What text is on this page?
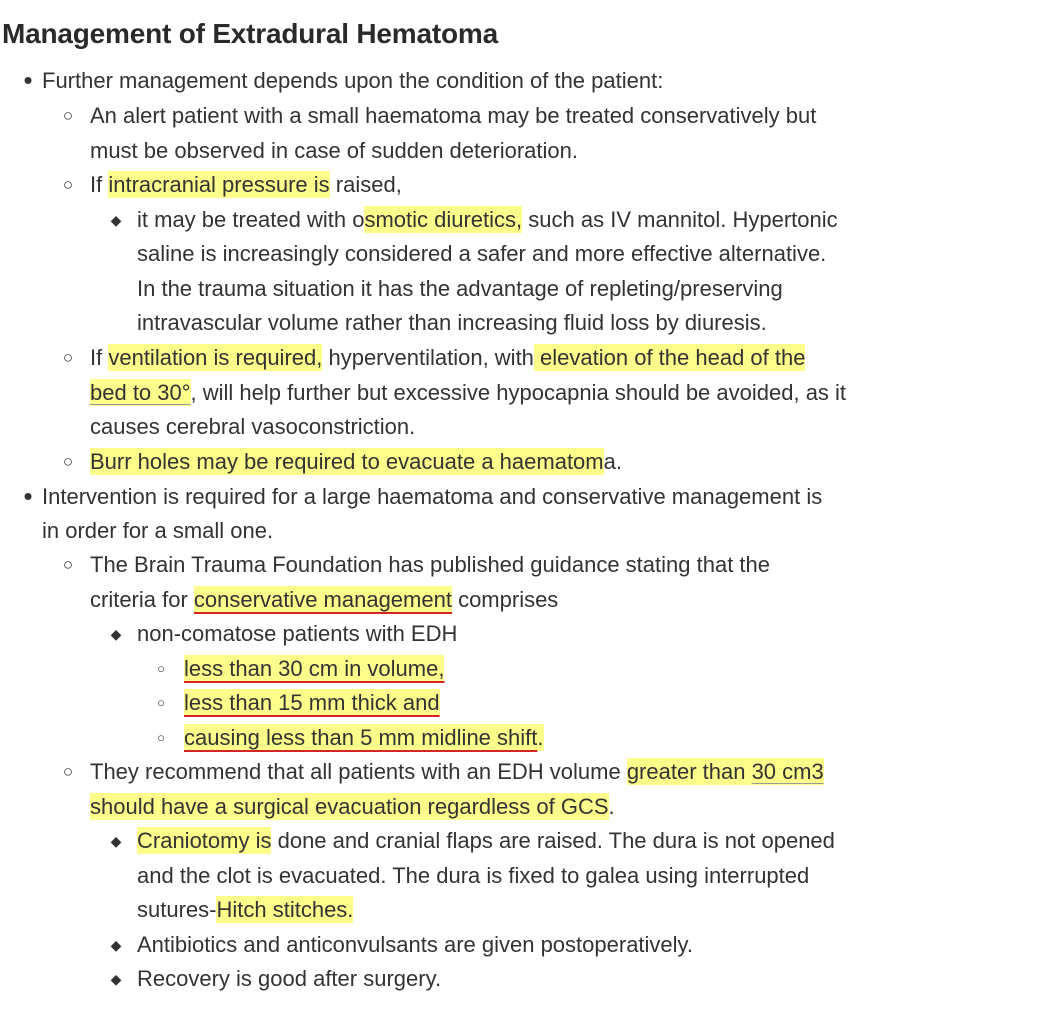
Management of Extradural Hematoma
• Further management depends upon the condition of the patient:
○ An alert patient with a small haematoma may be treated conservatively but
must be observed in case of sudden deterioration.
○ If intracranial pressure is raised,
◆ it may be treated with osmotic diuretics, such as IV mannitol. Hypertonic
saline is increasingly considered a safer and more effective alternative.
In the trauma situation it has the advantage of repleting/preserving
intravascular volume rather than increasing fluid loss by diuresis.
○ If ventilation is required, hyperventilation, with elevation of the head of the
bed to 30°, will help further but excessive hypocapnia should be avoided, as it
causes cerebral vasoconstriction.
○ Burr holes may be required to evacuate a haematoma.
• Intervention is required for a large haematoma and conservative management is
in order for a small one.
○ The Brain Trauma Foundation has published guidance stating that the
criteria for conservative management comprises
◆ non-comatose patients with EDH
○ less than 30 cm in volume,
○ less than 15 mm thick and
○ causing less than 5 mm midline shift.
○ They recommend that all patients with an EDH volume greater than 30 cm3
should have a surgical evacuation regardless of GCS.
◆ Craniotomy is done and cranial flaps are raised. The dura is not opened
and the clot is evacuated. The dura is fixed to galea using interrupted
sutures-Hitch stitches.
◆ Antibiotics and anticonvulsants are given postoperatively.
◆ Recovery is good after surgery.
